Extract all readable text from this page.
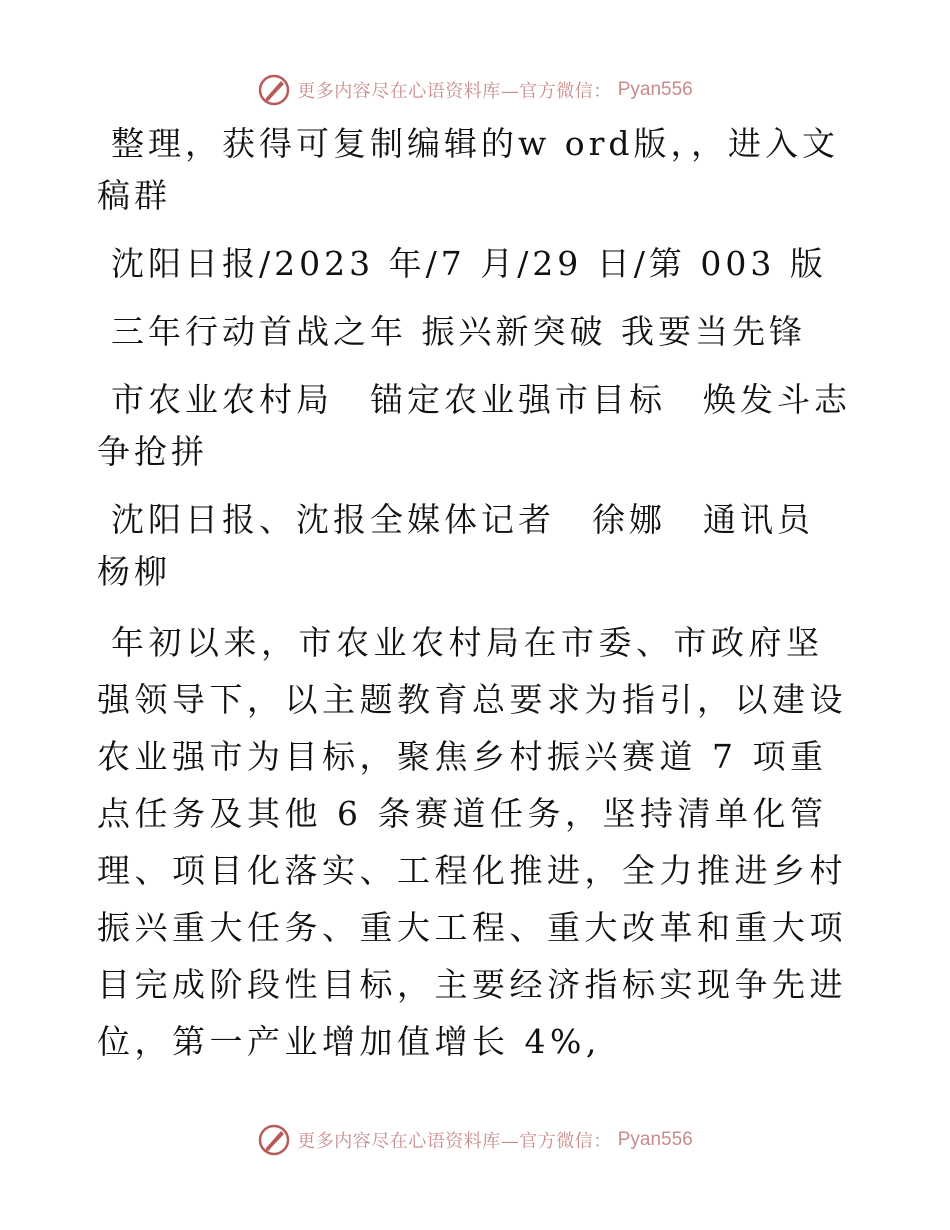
更多内容尽在心语资料库—官方微信： Pyan556

整理，获得可复制编辑的w ord版，，进入文稿群

沈阳日报/2023 年/7 月/29 日/第 003 版

三年行动首战之年 振兴新突破 我要当先锋

市农业农村局　锚定农业强市目标　焕发斗志争抢拼

沈阳日报、沈报全媒体记者　徐娜　通讯员　杨柳

年初以来，市农业农村局在市委、市政府坚强领导下，以主题教育总要求为指引，以建设农业强市为目标，聚焦乡村振兴赛道 7 项重点任务及其他 6 条赛道任务，坚持清单化管理、项目化落实、工程化推进，全力推进乡村振兴重大任务、重大工程、重大改革和重大项目完成阶段性目标，主要经济指标实现争先进位，第一产业增加值增长 4%,

更多内容尽在心语资料库—官方微信： Pyan556
